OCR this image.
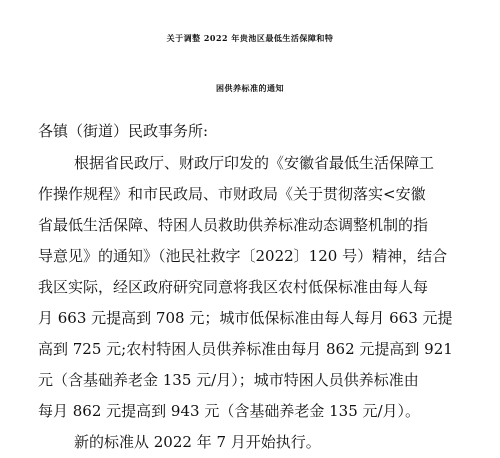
关于调整 2022 年贵池区最低生活保障和特
困供养标准的通知
各镇（街道）民政事务所:
根据省民政厅、财政厅印发的《安徽省最低生活保障工
作操作规程》和市民政局、市财政局《关于贯彻落实<安徽
省最低生活保障、特困人员救助供养标准动态调整机制的指
导意见》的通知》（池民社救字〔2022〕120 号）精神，结合
我区实际，经区政府研究同意将我区农村低保标准由每人每
月 663 元提高到 708 元；城市低保标准由每人每月 663 元提
高到 725 元;农村特困人员供养标准由每月 862 元提高到 921
元（含基础养老金 135 元/月）；城市特困人员供养标准由
每月 862 元提高到 943 元（含基础养老金 135 元/月）。
新的标准从 2022 年 7 月开始执行。
